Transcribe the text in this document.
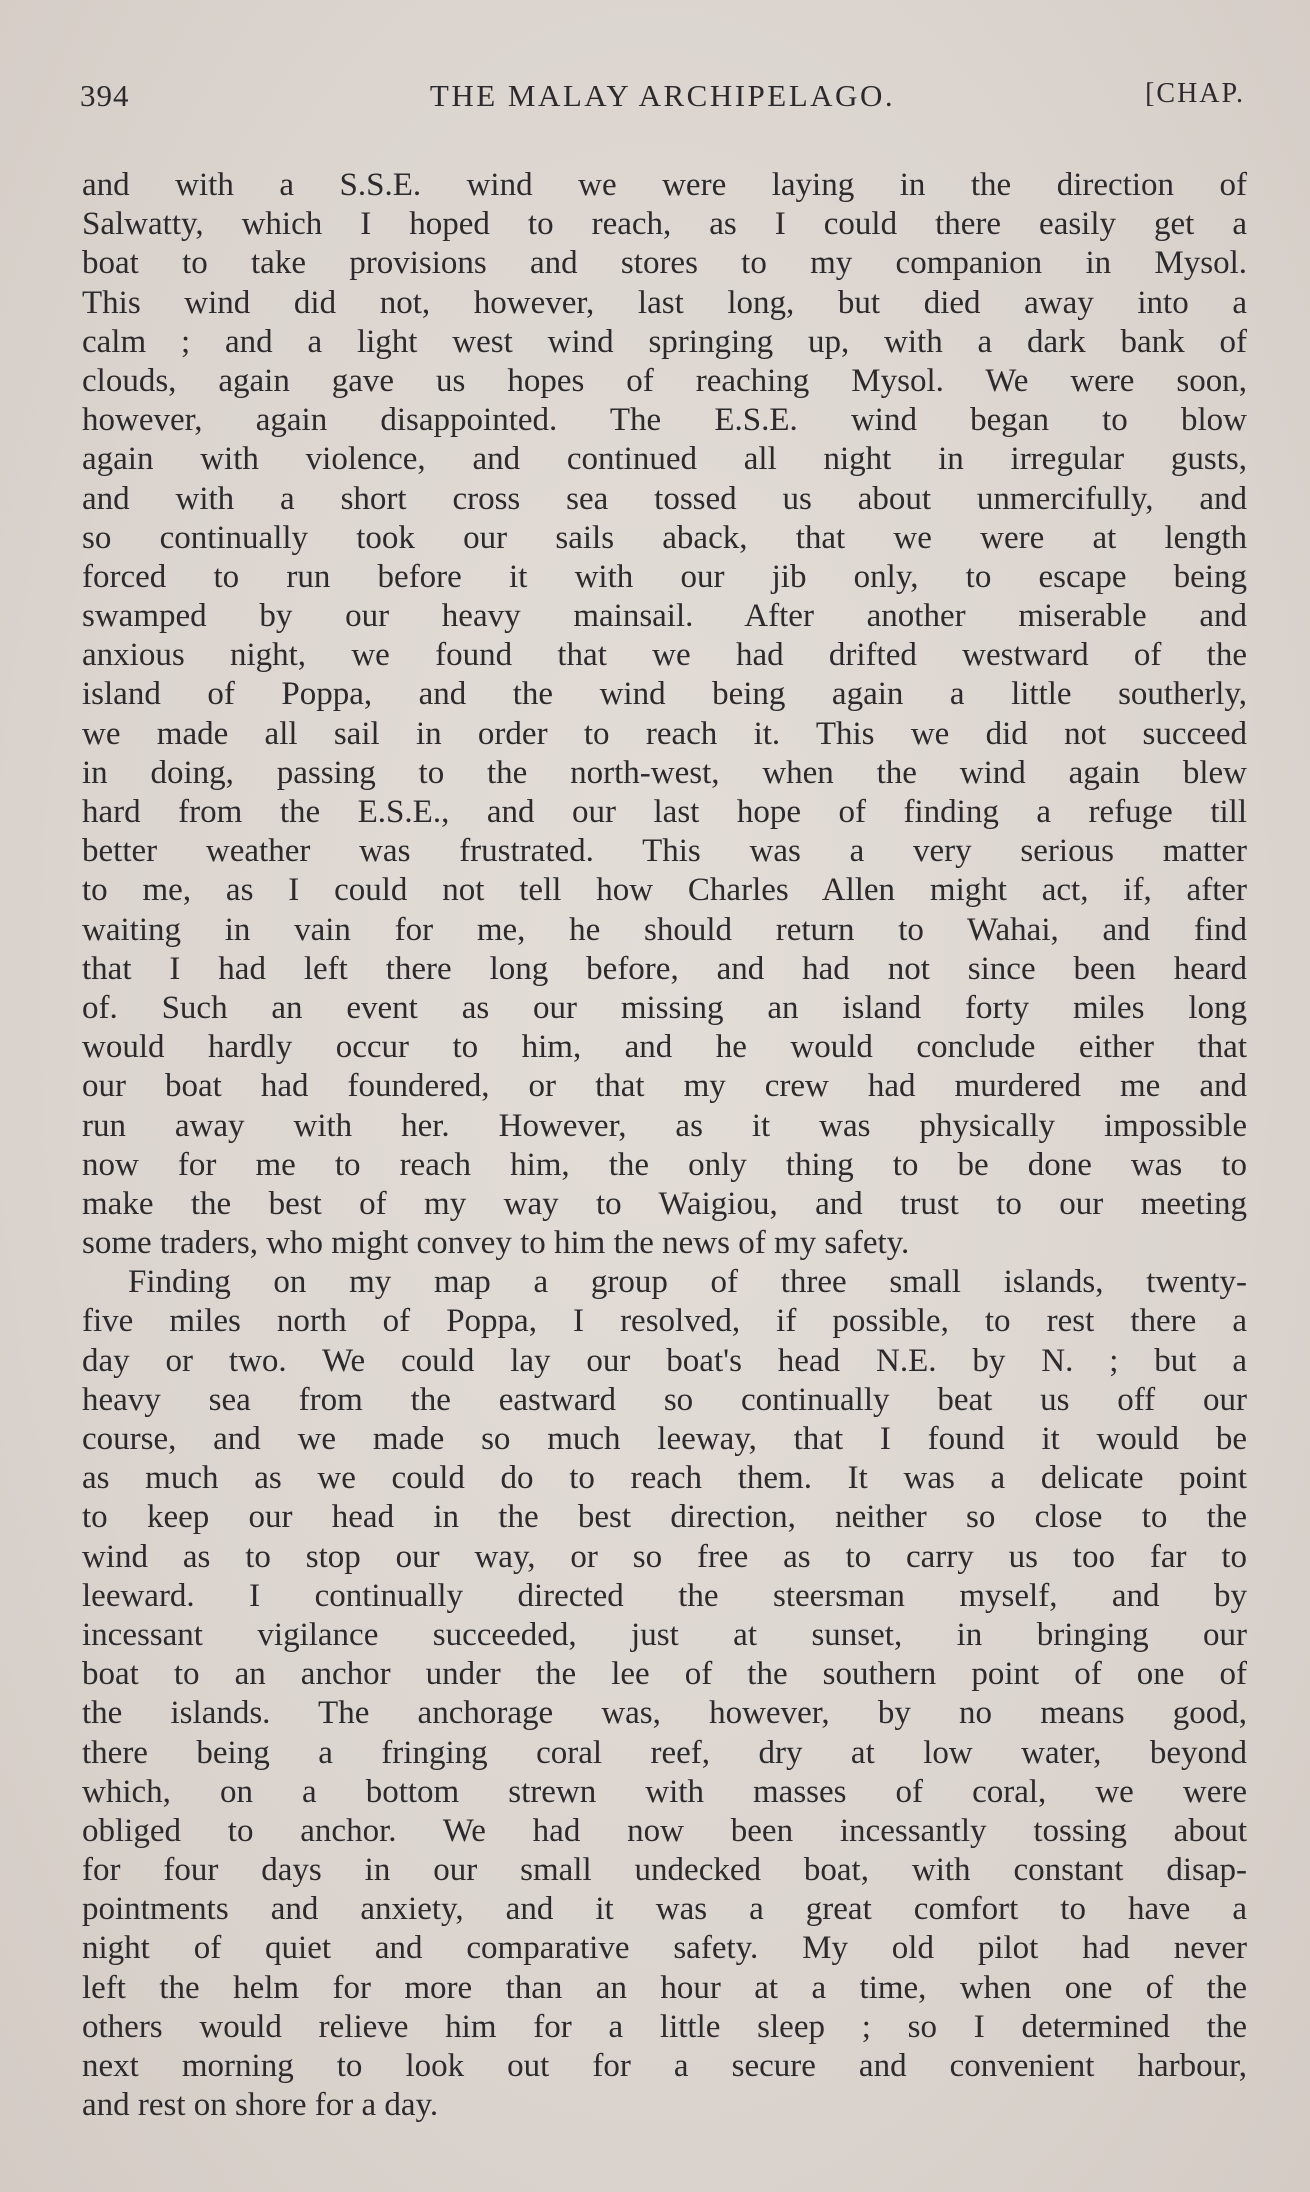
394	THE MALAY ARCHIPELAGO.	[CHAP.
and with a S.S.E. wind we were laying in the direction of
Salwatty, which I hoped to reach, as I could there easily get a
boat to take provisions and stores to my companion in Mysol.
This wind did not, however, last long, but died away into a
calm ; and a light west wind springing up, with a dark bank of
clouds, again gave us hopes of reaching Mysol. We were soon,
however, again disappointed. The E.S.E. wind began to blow
again with violence, and continued all night in irregular gusts,
and with a short cross sea tossed us about unmercifully, and
so continually took our sails aback, that we were at length
forced to run before it with our jib only, to escape being
swamped by our heavy mainsail. After another miserable and
anxious night, we found that we had drifted westward of the
island of Poppa, and the wind being again a little southerly,
we made all sail in order to reach it. This we did not succeed
in doing, passing to the north-west, when the wind again blew
hard from the E.S.E., and our last hope of finding a refuge till
better weather was frustrated. This was a very serious matter
to me, as I could not tell how Charles Allen might act, if, after
waiting in vain for me, he should return to Wahai, and find
that I had left there long before, and had not since been heard
of. Such an event as our missing an island forty miles long
would hardly occur to him, and he would conclude either that
our boat had foundered, or that my crew had murdered me and
run away with her. However, as it was physically impossible
now for me to reach him, the only thing to be done was to
make the best of my way to Waigiou, and trust to our meeting
some traders, who might convey to him the news of my safety.
Finding on my map a group of three small islands, twenty-
five miles north of Poppa, I resolved, if possible, to rest there a
day or two. We could lay our boat's head N.E. by N. ; but a
heavy sea from the eastward so continually beat us off our
course, and we made so much leeway, that I found it would be
as much as we could do to reach them. It was a delicate point
to keep our head in the best direction, neither so close to the
wind as to stop our way, or so free as to carry us too far to
leeward. I continually directed the steersman myself, and by
incessant vigilance succeeded, just at sunset, in bringing our
boat to an anchor under the lee of the southern point of one of
the islands. The anchorage was, however, by no means good,
there being a fringing coral reef, dry at low water, beyond
which, on a bottom strewn with masses of coral, we were
obliged to anchor. We had now been incessantly tossing about
for four days in our small undecked boat, with constant disap-
pointments and anxiety, and it was a great comfort to have a
night of quiet and comparative safety. My old pilot had never
left the helm for more than an hour at a time, when one of the
others would relieve him for a little sleep ; so I determined the
next morning to look out for a secure and convenient harbour,
and rest on shore for a day.
